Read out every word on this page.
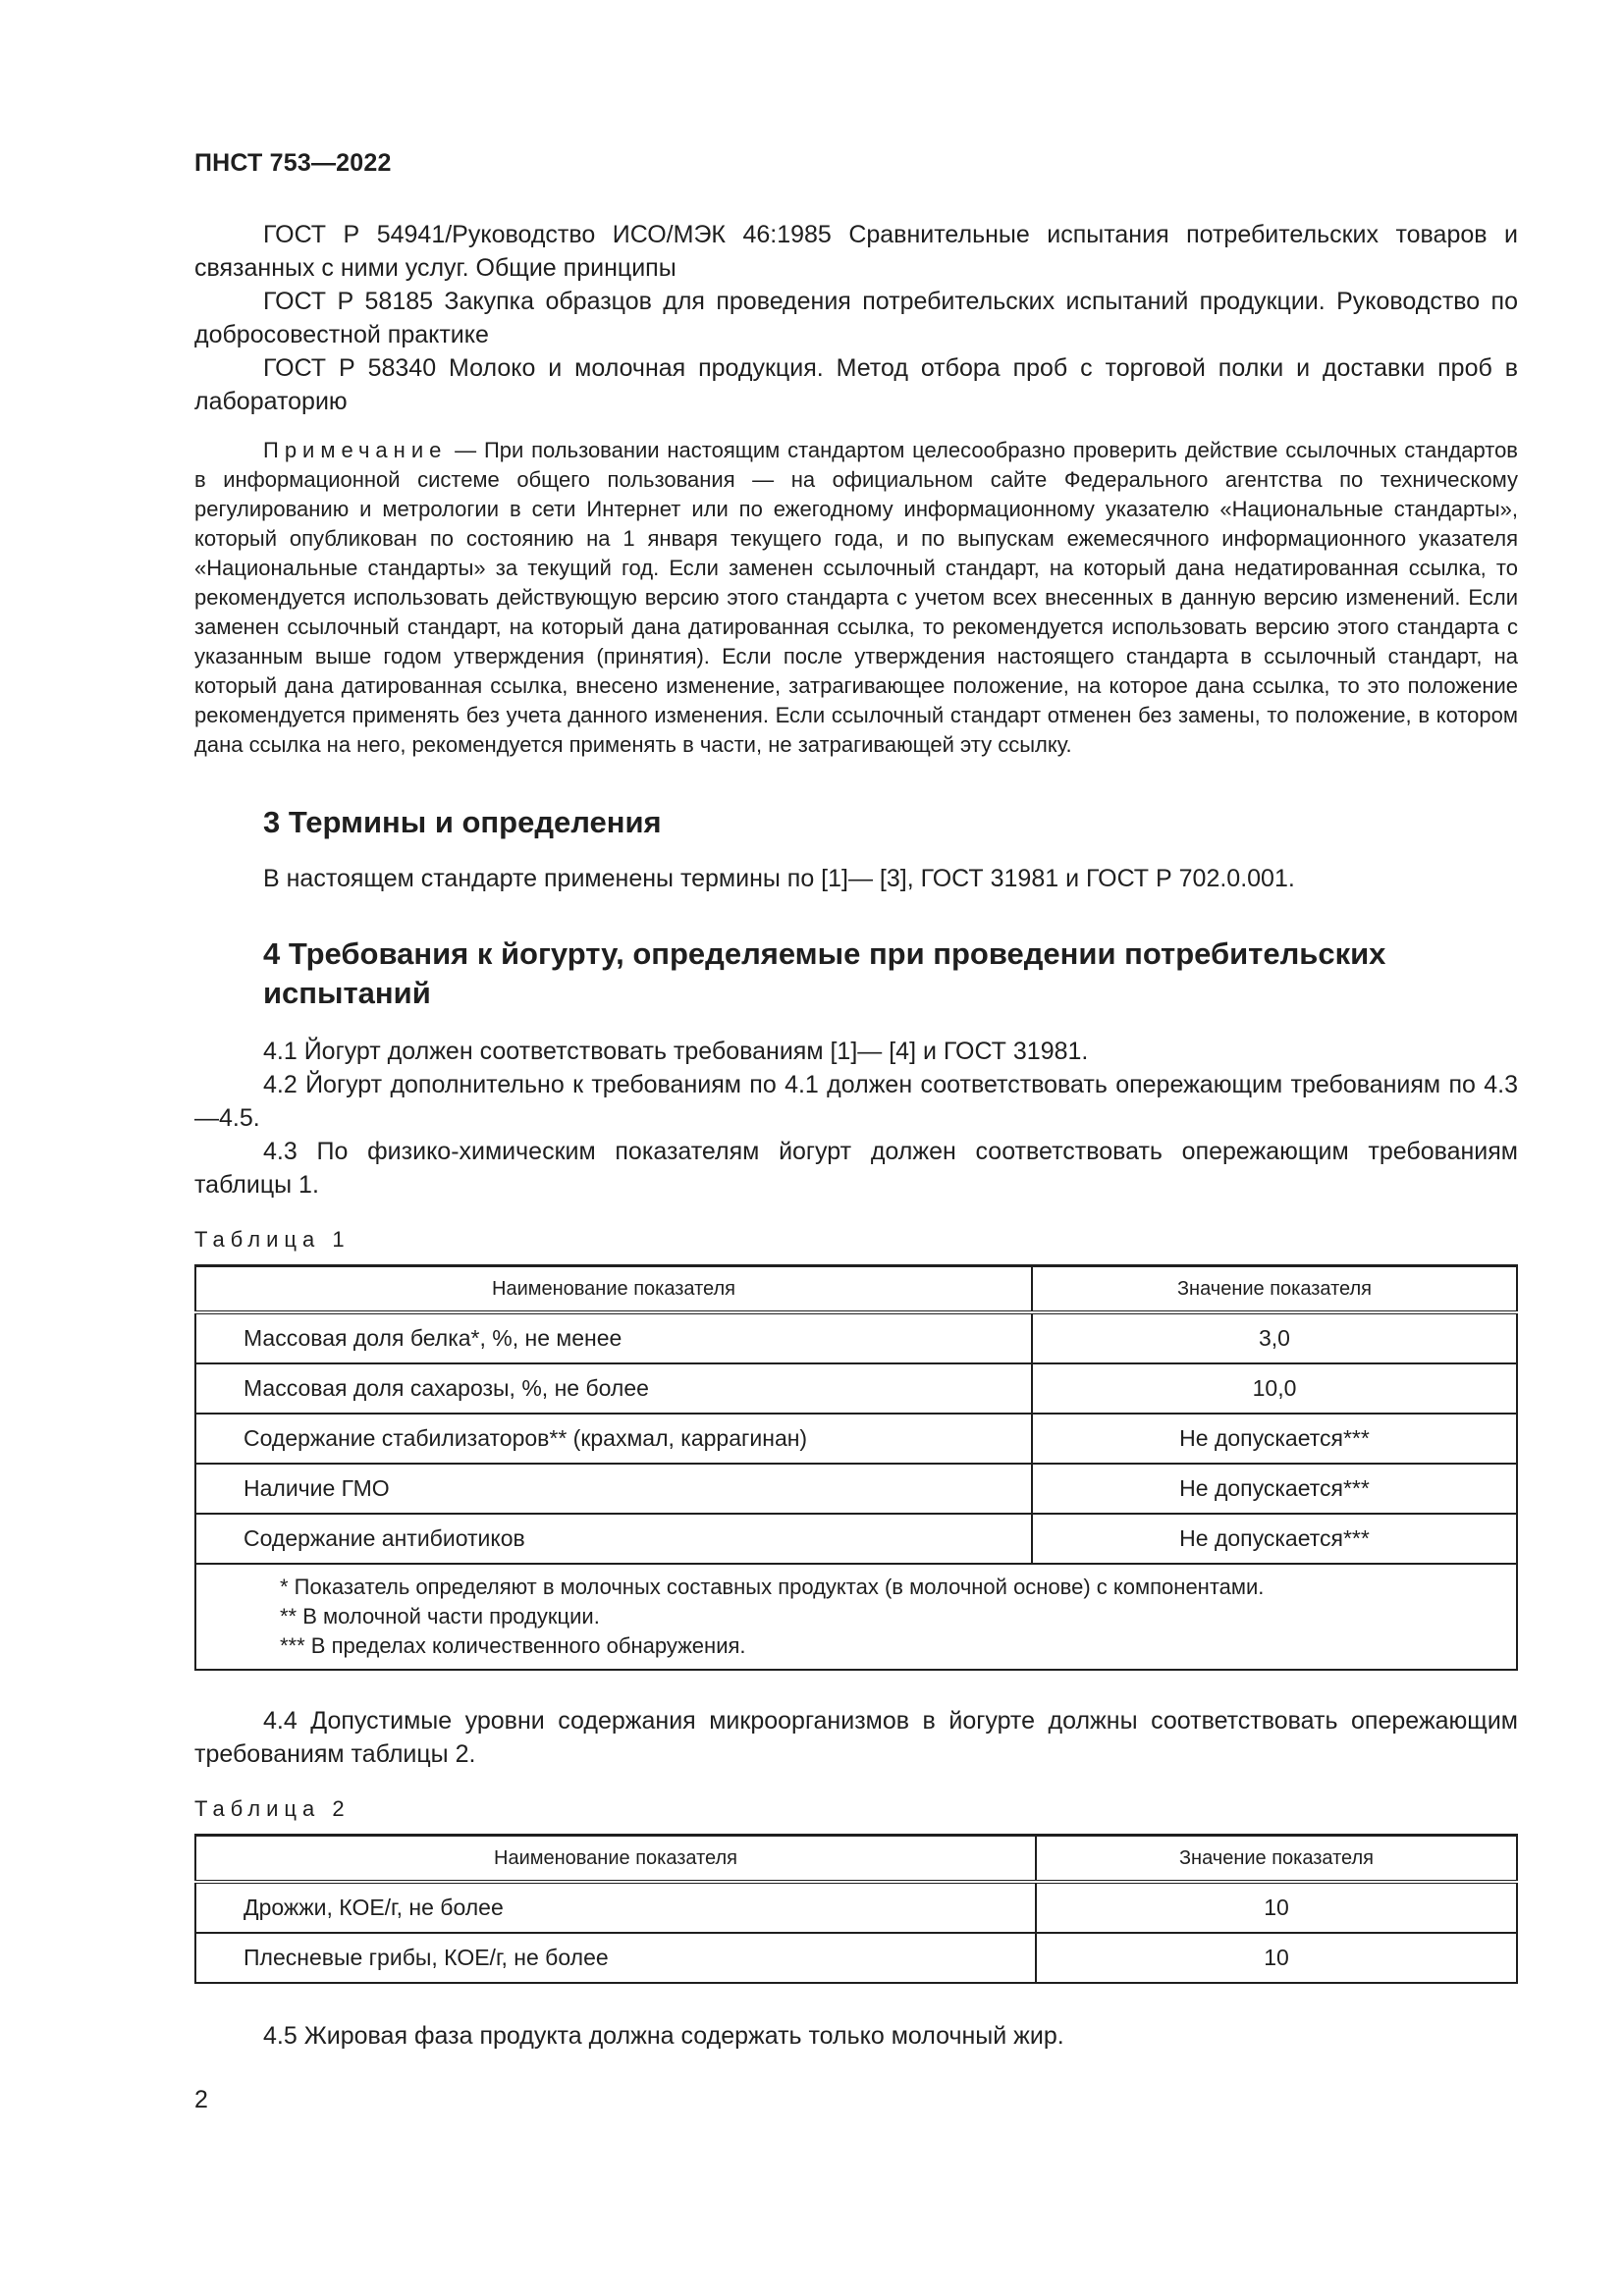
ПНСТ 753—2022

ГОСТ Р 54941/Руководство ИСО/МЭК 46:1985 Сравнительные испытания потребительских товаров и связанных с ними услуг. Общие принципы

ГОСТ Р 58185 Закупка образцов для проведения потребительских испытаний продукции. Руководство по добросовестной практике

ГОСТ Р 58340 Молоко и молочная продукция. Метод отбора проб с торговой полки и доставки проб в лабораторию

Примечание — При пользовании настоящим стандартом целесообразно проверить действие ссылочных стандартов в информационной системе общего пользования — на официальном сайте Федерального агентства по техническому регулированию и метрологии в сети Интернет или по ежегодному информационному указателю «Национальные стандарты», который опубликован по состоянию на 1 января текущего года, и по выпускам ежемесячного информационного указателя «Национальные стандарты» за текущий год. Если заменен ссылочный стандарт, на который дана недатированная ссылка, то рекомендуется использовать действующую версию этого стандарта с учетом всех внесенных в данную версию изменений. Если заменен ссылочный стандарт, на который дана датированная ссылка, то рекомендуется использовать версию этого стандарта с указанным выше годом утверждения (принятия). Если после утверждения настоящего стандарта в ссылочный стандарт, на который дана датированная ссылка, внесено изменение, затрагивающее положение, на которое дана ссылка, то это положение рекомендуется применять без учета данного изменения. Если ссылочный стандарт отменен без замены, то положение, в котором дана ссылка на него, рекомендуется применять в части, не затрагивающей эту ссылку.

3 Термины и определения

В настоящем стандарте применены термины по [1]— [3], ГОСТ 31981 и ГОСТ Р 702.0.001.

4 Требования к йогурту, определяемые при проведении потребительских испытаний

4.1 Йогурт должен соответствовать требованиям [1]— [4] и ГОСТ 31981.

4.2 Йогурт дополнительно к требованиям по 4.1 должен соответствовать опережающим требованиям по 4.3—4.5.

4.3 По физико-химическим показателям йогурт должен соответствовать опережающим требованиям таблицы 1.

Таблица 1
Наименование показателя	Значение показателя
Массовая доля белка*, %, не менее	3,0
Массовая доля сахарозы, %, не более	10,0
Содержание стабилизаторов** (крахмал, каррагинан)	Не допускается***
Наличие ГМО	Не допускается***
Содержание антибиотиков	Не допускается***

* Показатель определяют в молочных составных продуктах (в молочной основе) с компонентами.
** В молочной части продукции.
*** В пределах количественного обнаружения.	

4.4 Допустимые уровни содержания микроорганизмов в йогурте должны соответствовать опережающим требованиям таблицы 2.

Таблица 2
Наименование показателя	Значение показателя
Дрожжи, КОЕ/г, не более	10
Плесневые грибы, КОЕ/г, не более	10

4.5 Жировая фаза продукта должна содержать только молочный жир.

2
